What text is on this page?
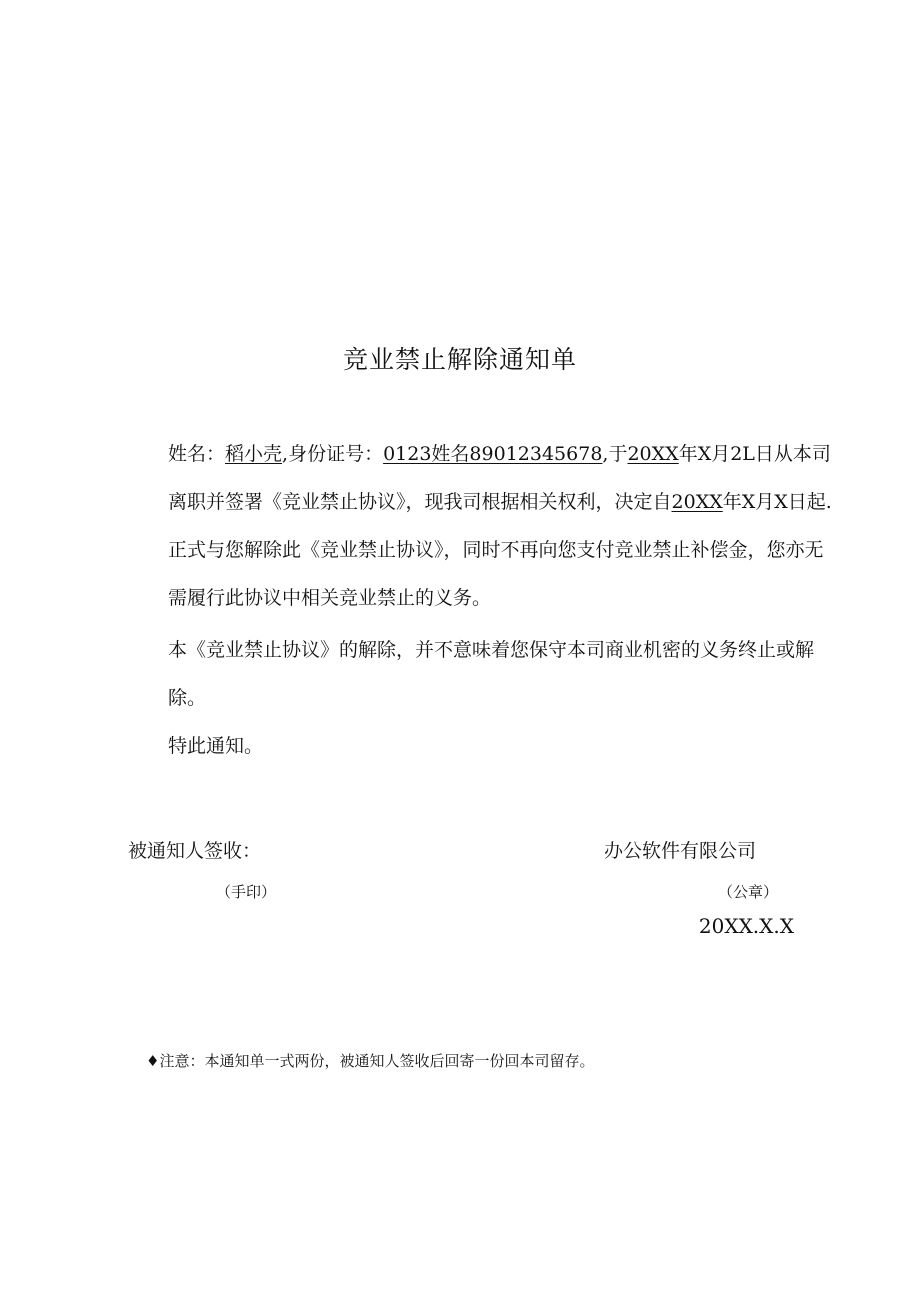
竞业禁止解除通知单

姓名：稻小壳,身份证号：0123姓名89012345678,于20XX年X月2L日从本司离职并签署《竞业禁止协议》，现我司根据相关权利，决定自20XX年X月X日起.正式与您解除此《竞业禁止协议》，同时不再向您支付竞业禁止补偿金，您亦无需履行此协议中相关竞业禁止的义务。

本《竞业禁止协议》的解除，并不意味着您保守本司商业机密的义务终止或解除。

特此通知。

被通知人签收：	办公软件有限公司
（手印）	（公章）
20XX.X.X
♦注意：本通知单一式两份，被通知人签收后回寄一份回本司留存。
